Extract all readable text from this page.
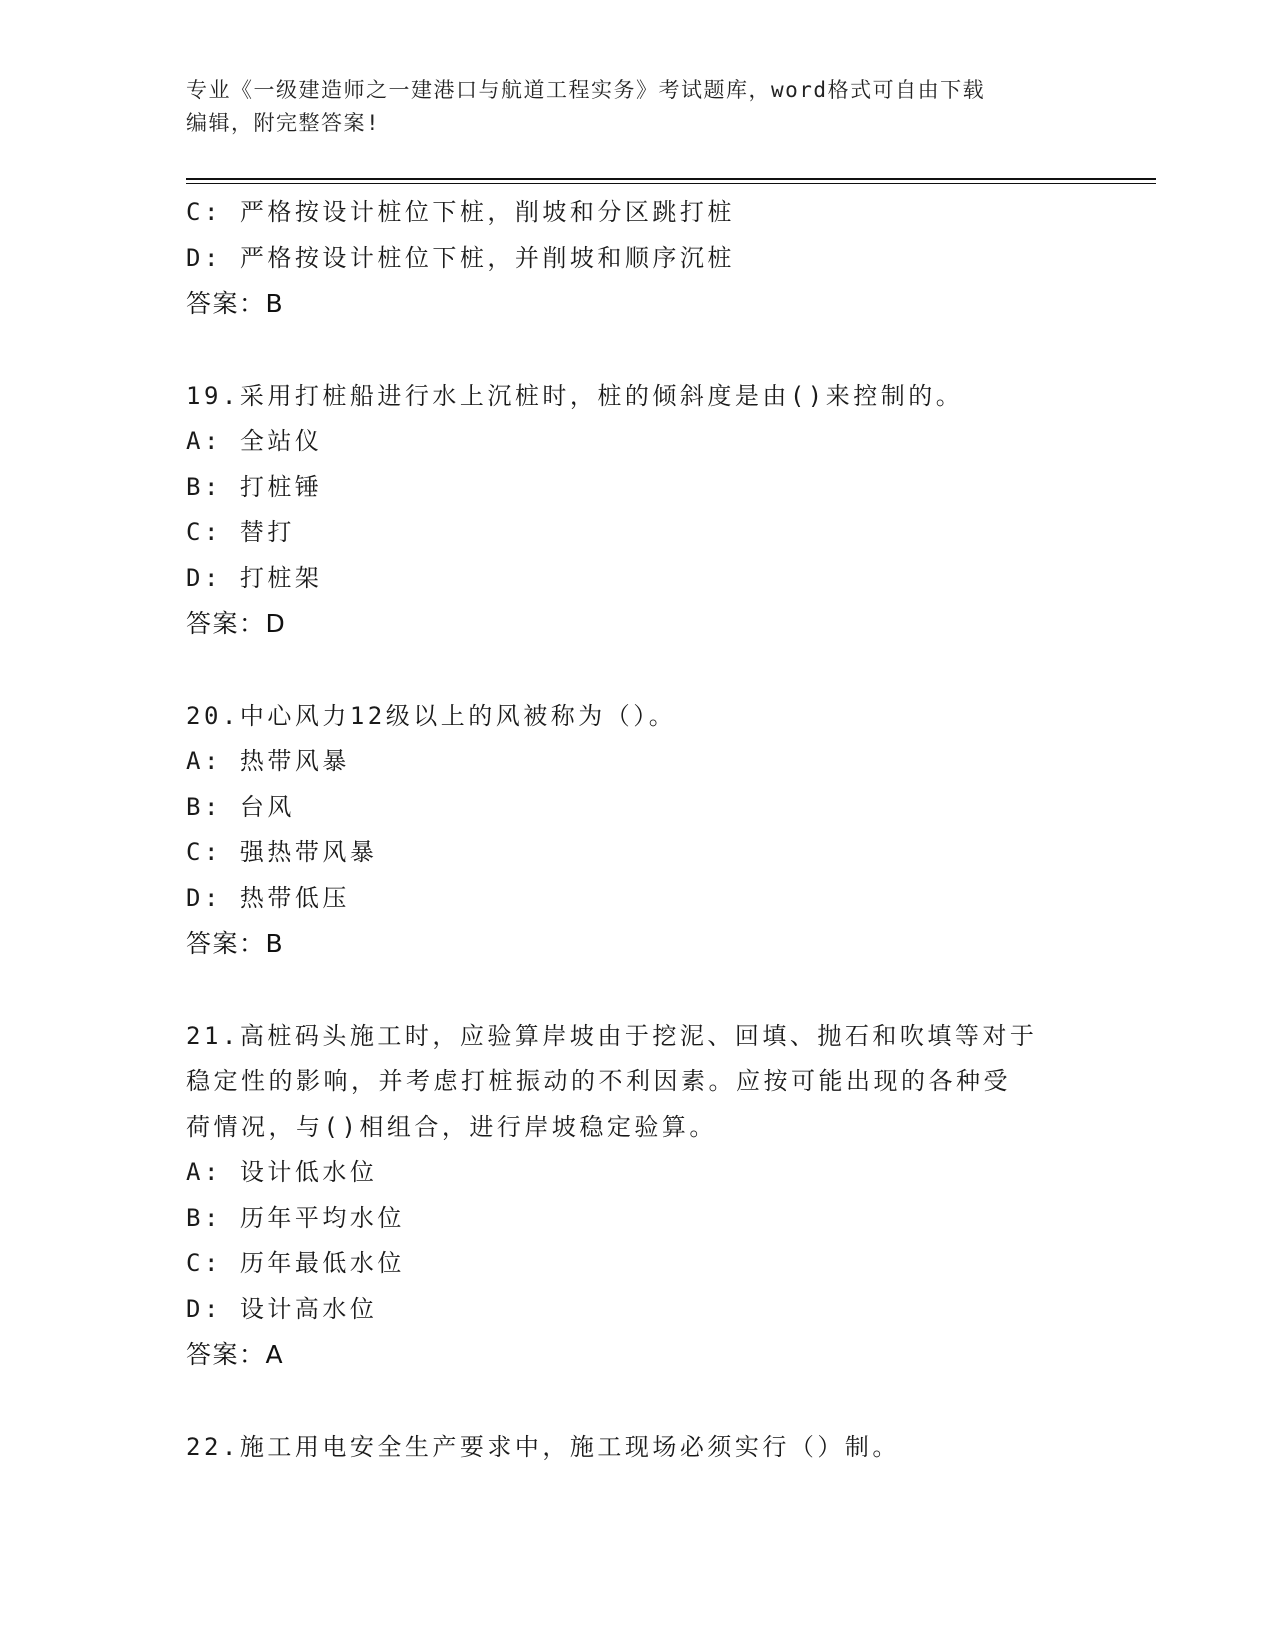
专业《一级建造师之一建港口与航道工程实务》考试题库，word格式可自由下载
编辑，附完整答案!
C: 严格按设计桩位下桩，削坡和分区跳打桩
D: 严格按设计桩位下桩，并削坡和顺序沉桩
答案：B
19.采用打桩船进行水上沉桩时，桩的倾斜度是由()来控制的。
A: 全站仪
B: 打桩锤
C: 替打
D: 打桩架
答案：D
20.中心风力12级以上的风被称为（）。
A: 热带风暴
B: 台风
C: 强热带风暴
D: 热带低压
答案：B
21.高桩码头施工时，应验算岸坡由于挖泥、回填、抛石和吹填等对于
稳定性的影响，并考虑打桩振动的不利因素。应按可能出现的各种受
荷情况，与()相组合，进行岸坡稳定验算。
A: 设计低水位
B: 历年平均水位
C: 历年最低水位
D: 设计高水位
答案：A
22.施工用电安全生产要求中，施工现场必须实行（）制。
